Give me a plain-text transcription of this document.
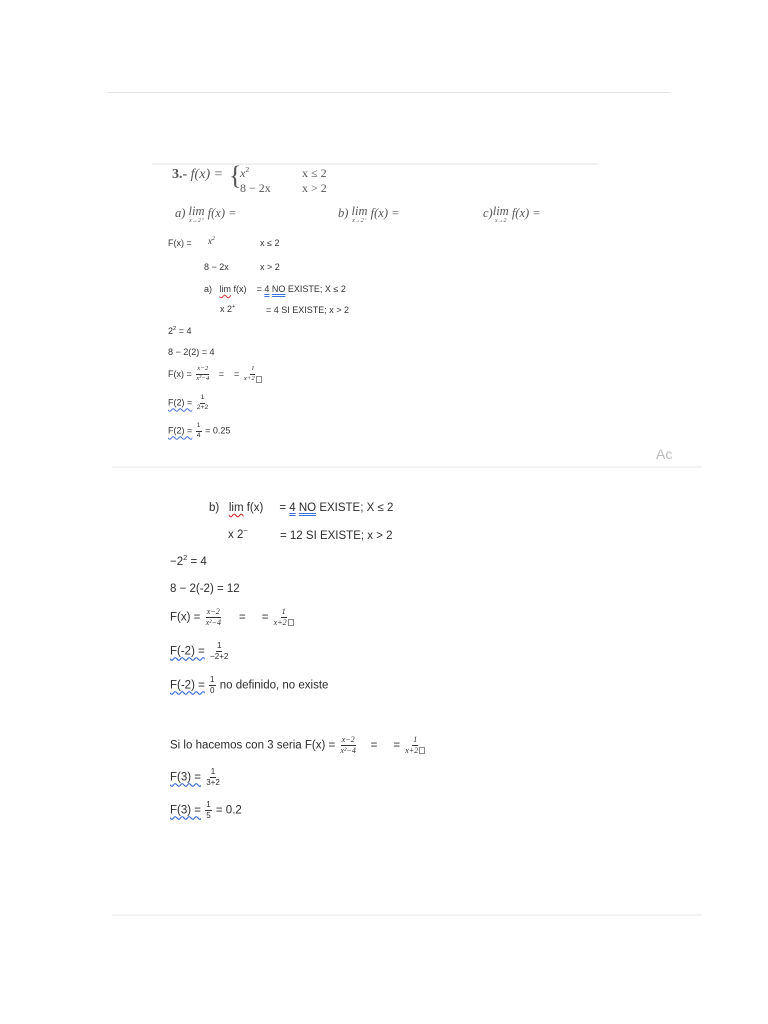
3.- f(x) = {
$x^2$	x ≤ 2
8 − 2x	x > 2
a) lim
x→2⁺
f(x) =	b) lim
x→2⁻
f(x) =	c) lim
x→2
f(x) =
$F(x) = x^2$	x ≤ 2
8 − 2x	x > 2
a) lim f(x) = 4 NO EXISTE; X ≤ 2
x 2+	= 4 SI EXISTE; x > 2
$2^2 = 4$
8 − 2(2) = 4
$F(x) = \frac{x-2}{\text{x²−4}}$ = = $\frac{1}{x+2}$
$F(2) = \frac{1}{2+2}$
$F(2) = \frac{1}{4} = 0.25$
Ac
b) lim f(x) = 4 NO EXISTE; X ≤ 2
x 2−	= 12 SI EXISTE; x > 2
$-2^2 = 4$
8 − 2(-2) = 12
$F(x) = \frac{x-2}{\text{x²−4}}$ = = $\frac{1}{x+2}$
$F(-2) = \frac{1}{-2+2}$
$F(-2) = \frac{1}{0}$ no definido, no existe
Si lo hacemos con 3 seria $F(x) = \frac{x-2}{\text{x²−4}}$ = = $\frac{1}{x+2}$
$F(3) = \frac{1}{3+2}$
$F(3) = \frac{1}{5} = 0.2$
